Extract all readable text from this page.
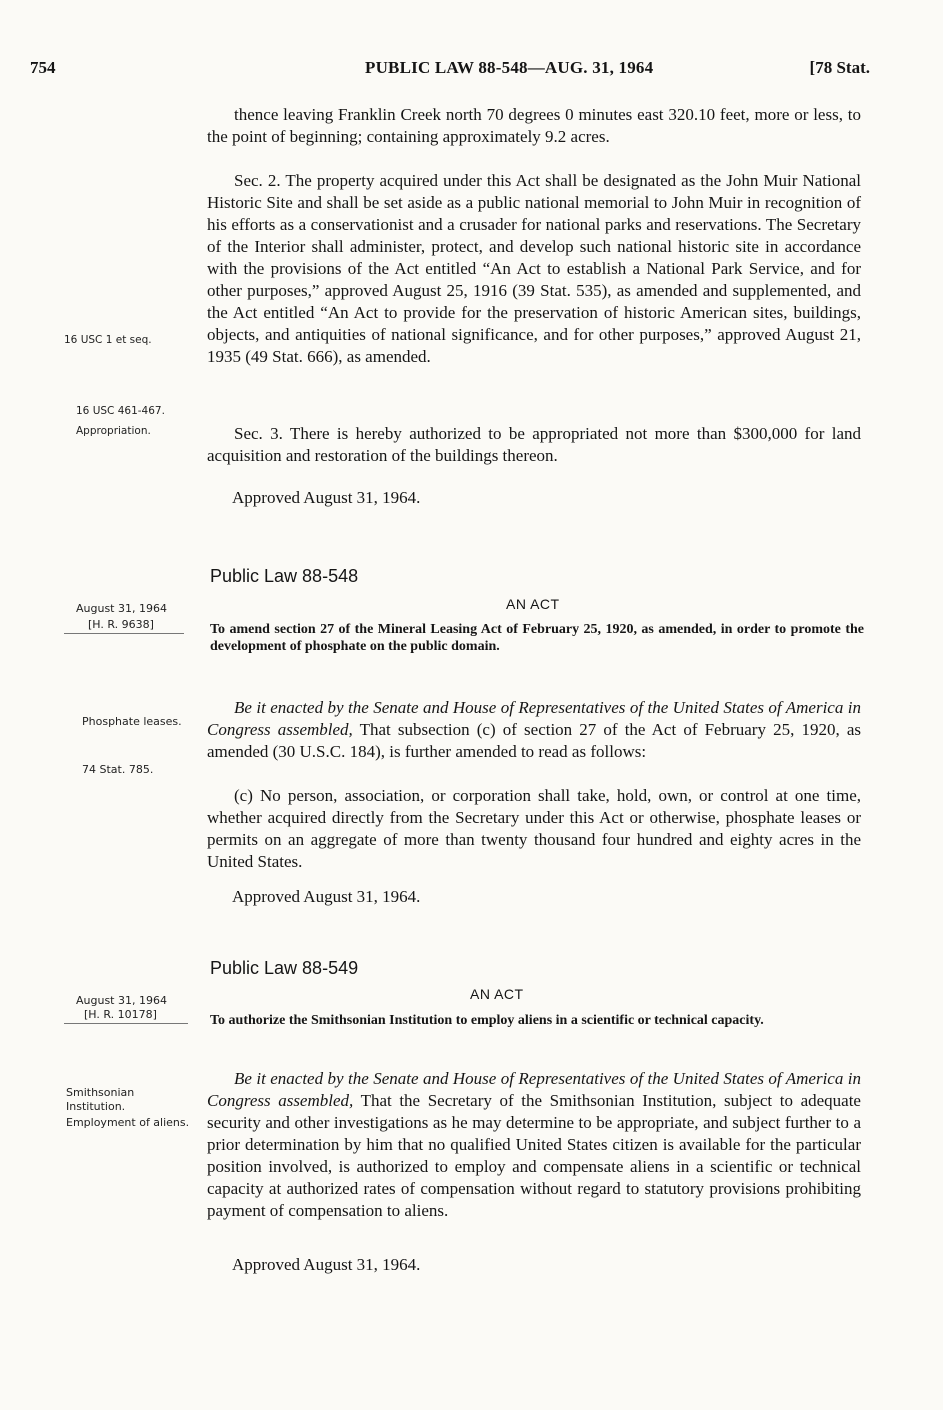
754	PUBLIC LAW 88-548—AUG. 31, 1964	[78 Stat.

thence leaving Franklin Creek north 70 degrees 0 minutes east 320.10 feet, more or less, to the point of beginning; containing approximately 9.2 acres.

Sec. 2. The property acquired under this Act shall be designated as the John Muir National Historic Site and shall be set aside as a public national memorial to John Muir in recognition of his efforts as a conservationist and a crusader for national parks and reservations. The Secretary of the Interior shall administer, protect, and develop such national historic site in accordance with the provisions of the Act entitled “An Act to establish a National Park Service, and for other purposes,” approved August 25, 1916 (39 Stat. 535), as amended and supplemented, and the Act entitled “An Act to provide for the preservation of historic American sites, buildings, objects, and antiquities of national significance, and for other purposes,” approved August 21, 1935 (49 Stat. 666), as amended.

Sec. 3. There is hereby authorized to be appropriated not more than $300,000 for land acquisition and restoration of the buildings thereon.

Approved August 31, 1964.
16 USC 1 et seq.
16 USC 461-467.
Appropriation.
Public Law 88-548
August 31, 1964
[H. R. 9638]
AN ACT
To amend section 27 of the Mineral Leasing Act of February 25, 1920, as amended, in order to promote the development of phosphate on the public domain.
Be it enacted by the Senate and House of Representatives of the United States of America in Congress assembled, That subsection (c) of section 27 of the Act of February 25, 1920, as amended (30 U.S.C. 184), is further amended to read as follows:

(c) No person, association, or corporation shall take, hold, own, or control at one time, whether acquired directly from the Secretary under this Act or otherwise, phosphate leases or permits on an aggregate of more than twenty thousand four hundred and eighty acres in the United States.

Approved August 31, 1964.
Phosphate leases.
74 Stat. 785.
Public Law 88-549
August 31, 1964
[H. R. 10178]
AN ACT
To authorize the Smithsonian Institution to employ aliens in a scientific or technical capacity.
Be it enacted by the Senate and House of Representatives of the United States of America in Congress assembled, That the Secretary of the Smithsonian Institution, subject to adequate security and other investigations as he may determine to be appropriate, and subject further to a prior determination by him that no qualified United States citizen is available for the particular position involved, is authorized to employ and compensate aliens in a scientific or technical capacity at authorized rates of compensation without regard to statutory provisions prohibiting payment of compensation to aliens.
Approved August 31, 1964.
Smithsonian Institution.
Employment of aliens.
